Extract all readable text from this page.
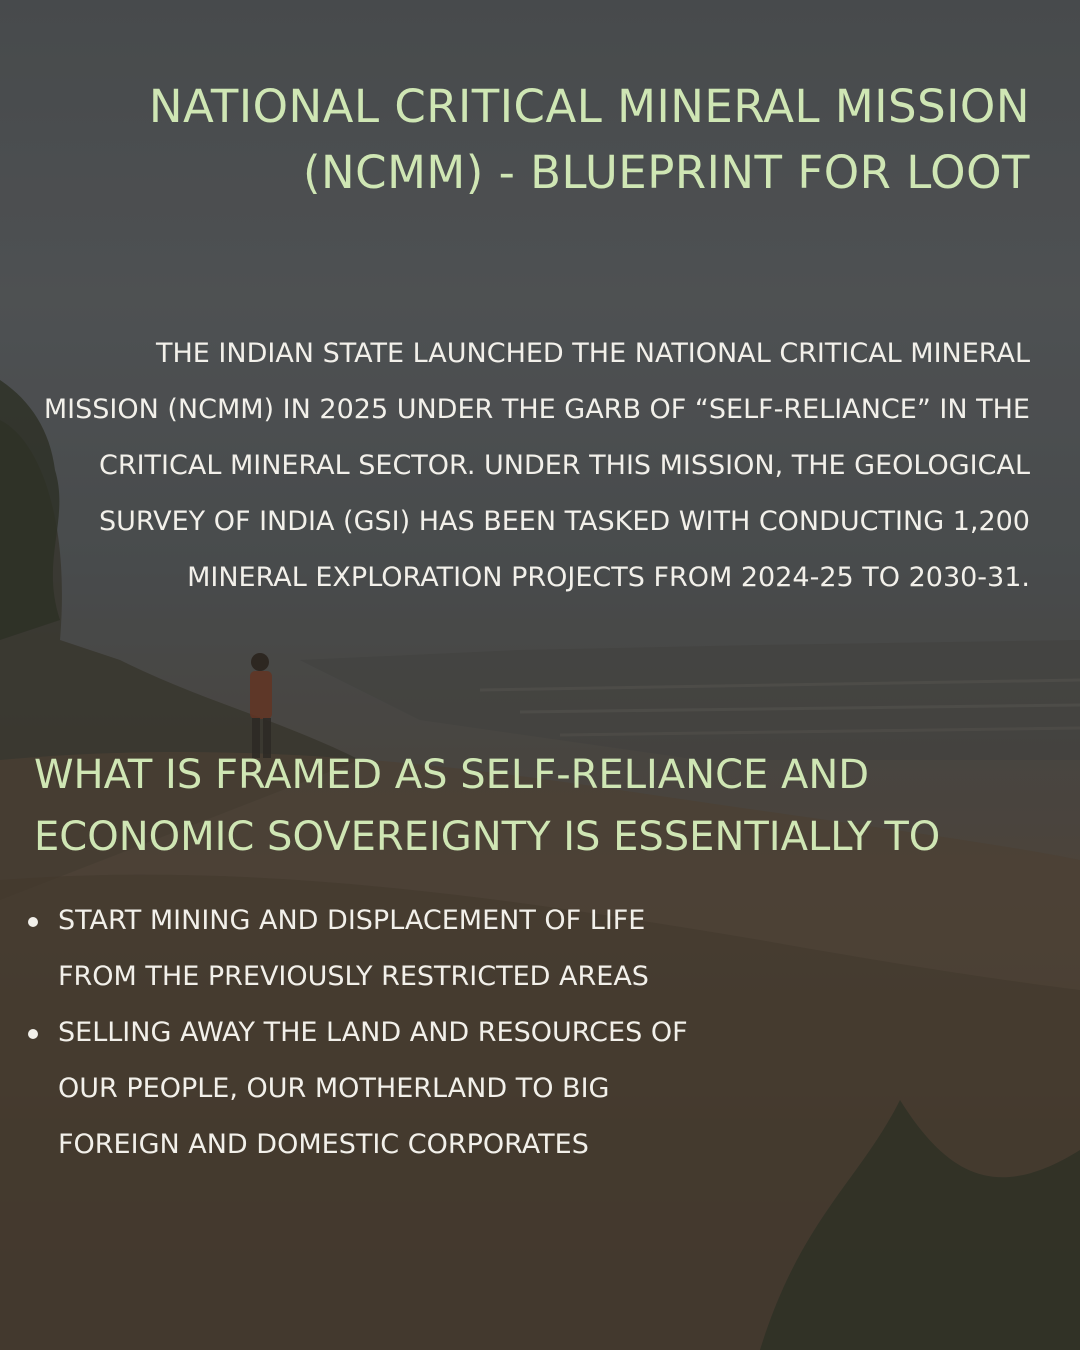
NATIONAL CRITICAL MINERAL MISSION (NCMM) - BLUEPRINT FOR LOOT

THE INDIAN STATE LAUNCHED THE NATIONAL CRITICAL MINERAL MISSION (NCMM) IN 2025 UNDER THE GARB OF “SELF-RELIANCE” IN THE CRITICAL MINERAL SECTOR. UNDER THIS MISSION, THE GEOLOGICAL SURVEY OF INDIA (GSI) HAS BEEN TASKED WITH CONDUCTING 1,200 MINERAL EXPLORATION PROJECTS FROM 2024-25 TO 2030-31.

WHAT IS FRAMED AS SELF-RELIANCE AND ECONOMIC SOVEREIGNTY IS ESSENTIALLY TO
START MINING AND DISPLACEMENT OF LIFE FROM THE PREVIOUSLY RESTRICTED AREAS
SELLING AWAY THE LAND AND RESOURCES OF OUR PEOPLE, OUR MOTHERLAND TO BIG FOREIGN AND DOMESTIC CORPORATES
